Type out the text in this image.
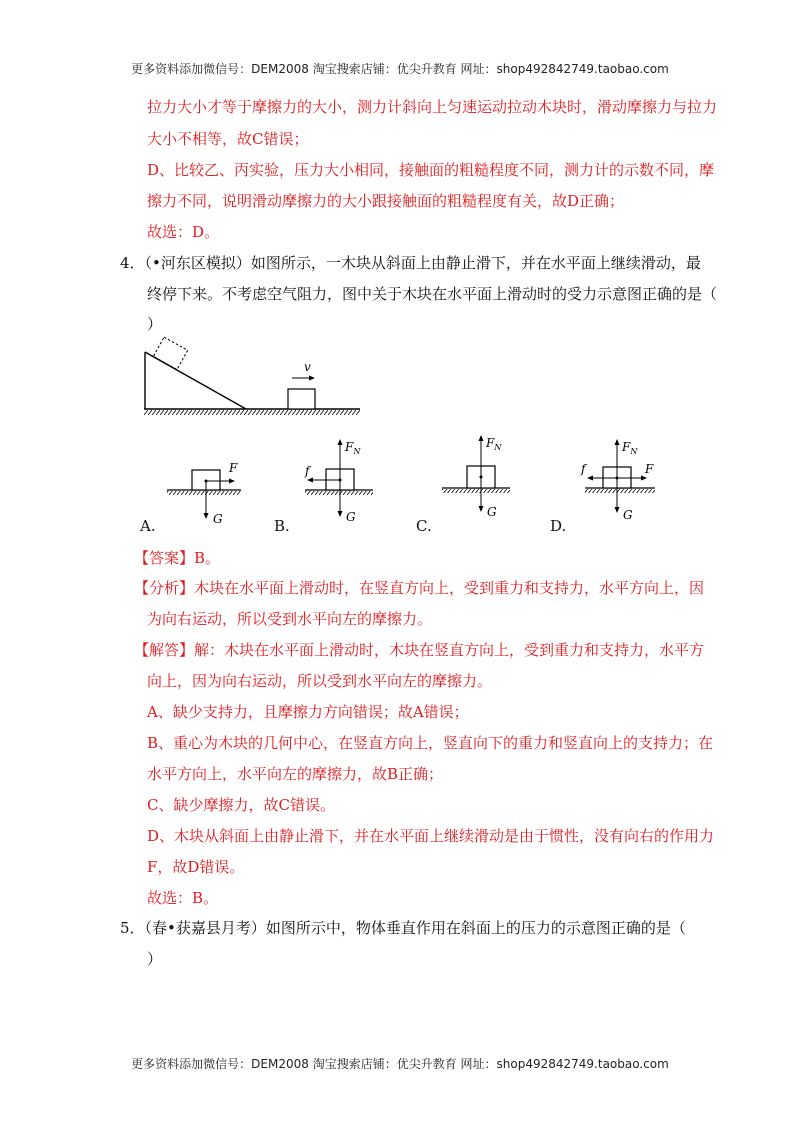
更多资料添加微信号：DEM2008 淘宝搜索店铺：优尖升教育 网址：shop492842749.taobao.com
拉力大小才等于摩擦力的大小，测力计斜向上匀速运动拉动木块时，滑动摩擦力与拉力
大小不相等，故C错误；
D、比较乙、丙实验，压力大小相同，接触面的粗糙程度不同，测力计的示数不同，摩
擦力不同，说明滑动摩擦力的大小跟接触面的粗糙程度有关，故D正确；
故选：D。
4．（•河东区模拟）如图所示，一木块从斜面上由静止滑下，并在水平面上继续滑动，最
终停下来。不考虑空气阻力，图中关于木块在水平面上滑动时的受力示意图正确的是（
）
v
F
G
A.
$F_N$
f
G
B.
$F_N$
G
C.
$F_N$
f	F
G
D.
【答案】B。
【分析】木块在水平面上滑动时，在竖直方向上，受到重力和支持力，水平方向上，因
为向右运动，所以受到水平向左的摩擦力。
【解答】解：木块在水平面上滑动时，木块在竖直方向上，受到重力和支持力，水平方
向上，因为向右运动，所以受到水平向左的摩擦力。
A、缺少支持力，且摩擦力方向错误；故A错误；
B、重心为木块的几何中心，在竖直方向上，竖直向下的重力和竖直向上的支持力；在
水平方向上，水平向左的摩擦力，故B正确；
C、缺少摩擦力，故C错误。
D、木块从斜面上由静止滑下，并在水平面上继续滑动是由于惯性，没有向右的作用力
F，故D错误。
故选：B。
5．（春•获嘉县月考）如图所示中，物体垂直作用在斜面上的压力的示意图正确的是（
）
更多资料添加微信号：DEM2008 淘宝搜索店铺：优尖升教育 网址：shop492842749.taobao.com
